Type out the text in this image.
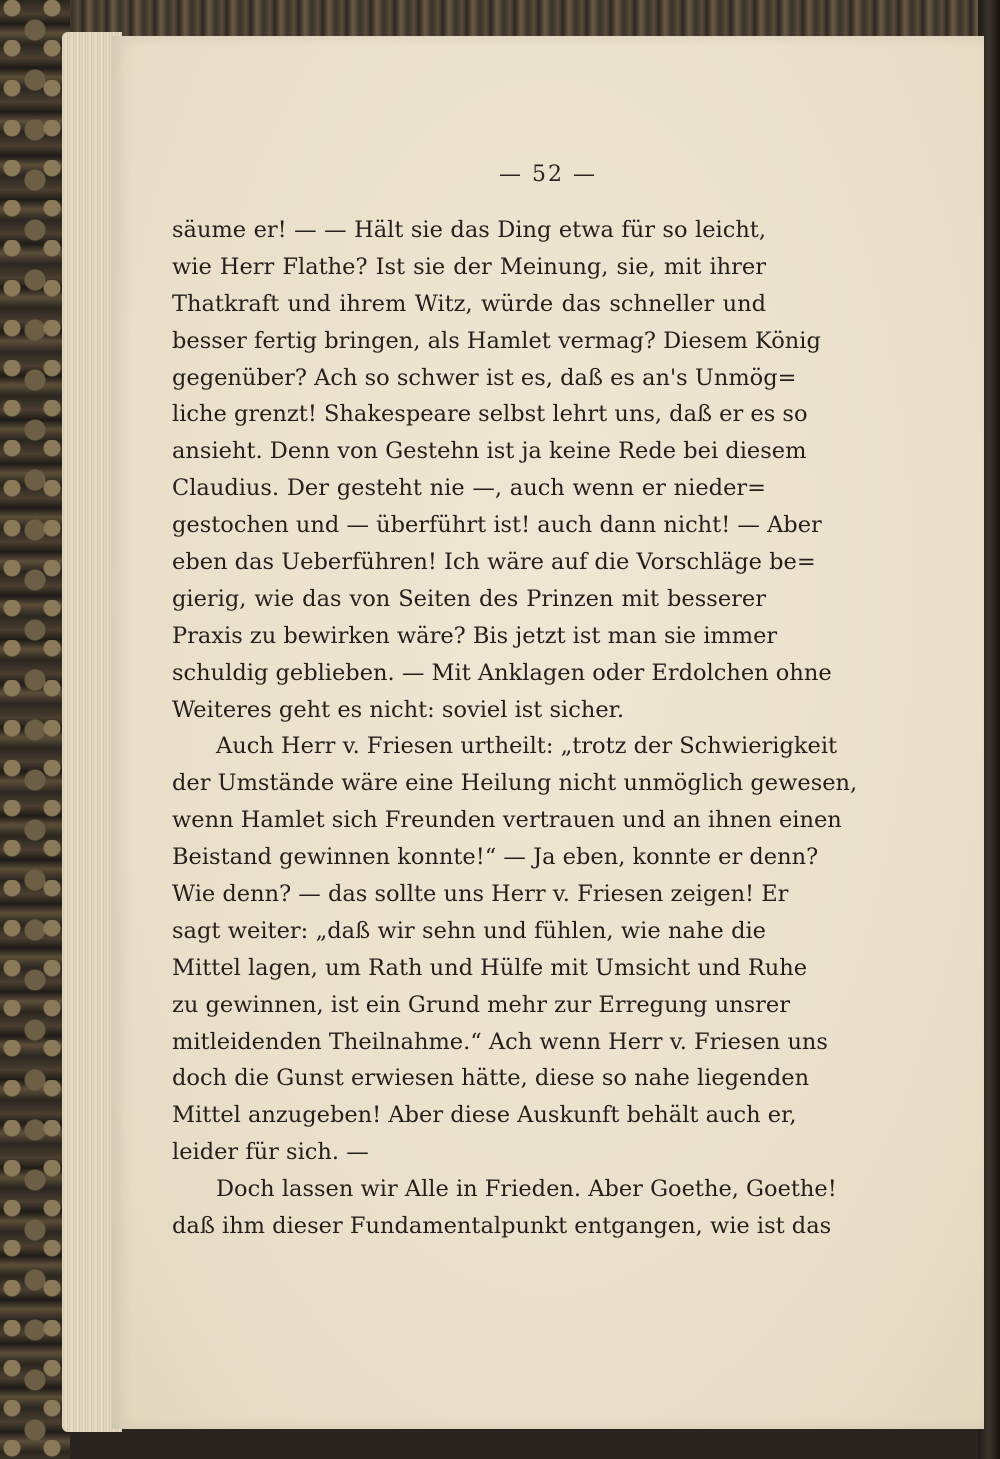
— 52 —
säume er! — — Hält sie das Ding etwa für so leicht,
wie Herr Flathe? Ist sie der Meinung, sie, mit ihrer
Thatkraft und ihrem Witz, würde das schneller und
besser fertig bringen, als Hamlet vermag? Diesem König
gegenüber? Ach so schwer ist es, daß es an's Unmög=
liche grenzt! Shakespeare selbst lehrt uns, daß er es so
ansieht. Denn von Gestehn ist ja keine Rede bei diesem
Claudius. Der gesteht nie —, auch wenn er nieder=
gestochen und — überführt ist! auch dann nicht! — Aber
eben das Ueberführen! Ich wäre auf die Vorschläge be=
gierig, wie das von Seiten des Prinzen mit besserer
Praxis zu bewirken wäre? Bis jetzt ist man sie immer
schuldig geblieben. — Mit Anklagen oder Erdolchen ohne
Weiteres geht es nicht: soviel ist sicher.
Auch Herr v. Friesen urtheilt: „trotz der Schwierigkeit
der Umstände wäre eine Heilung nicht unmöglich gewesen,
wenn Hamlet sich Freunden vertrauen und an ihnen einen
Beistand gewinnen konnte!“ — Ja eben, konnte er denn?
Wie denn? — das sollte uns Herr v. Friesen zeigen! Er
sagt weiter: „daß wir sehn und fühlen, wie nahe die
Mittel lagen, um Rath und Hülfe mit Umsicht und Ruhe
zu gewinnen, ist ein Grund mehr zur Erregung unsrer
mitleidenden Theilnahme.“ Ach wenn Herr v. Friesen uns
doch die Gunst erwiesen hätte, diese so nahe liegenden
Mittel anzugeben! Aber diese Auskunft behält auch er,
leider für sich. —
Doch lassen wir Alle in Frieden. Aber Goethe, Goethe!
daß ihm dieser Fundamentalpunkt entgangen, wie ist das
